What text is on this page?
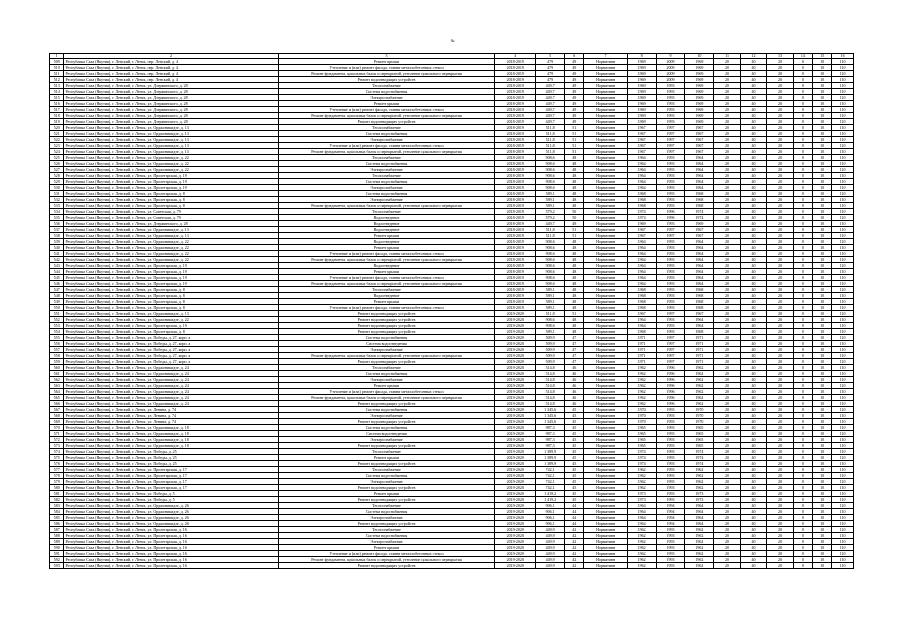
№
1	2	3	4	5	6	7	8	9	10	11	12	13	14	15	16
509	Республика Саха (Якутия), г. Ленский, г. Ленск, пер. Ленский, д. 4	Ремонт крыши	2018-2019	479	49	Нормативн	1969	2009	1969	20	40	20	0	10	110
510	Республика Саха (Якутия), г. Ленский, г. Ленск, пер. Ленский, д. 4	Утепление и (или) ремонт фасада, ставни металлобетонных стекол	2018-2019	479	49	Нормативн	1969	2009	1969	20	40	20	0	10	110
511	Республика Саха (Якутия), г. Ленский, г. Ленск, пер. Ленский, д. 4	Ремонт фундамента, цокольных балок и перекрытий, утепление цокольного перекрытия	2018-2019	479	49	Нормативн	1969	2009	1969	20	40	20	0	10	110
512	Республика Саха (Якутия), г. Ленский, г. Ленск, пер. Ленский, д. 4	Ремонт водоотводящих устройств	2018-2019	479	49	Нормативн	1969	2009	1969	20	40	20	0	10	110
513	Республика Саха (Якутия), г. Ленский, г. Ленск, ул. Дзержинского, д. 28	Теплоснабжение	2018-2019	449,7	49	Нормативн	1969	1993	1969	20	40	20	0	10	110
514	Республика Саха (Якутия), г. Ленский, г. Ленск, ул. Дзержинского, д. 28	Система водоснабжения	2018-2019	449,7	49	Нормативн	1969	1993	1969	20	40	20	0	10	110
515	Республика Саха (Якутия), г. Ленский, г. Ленск, ул. Дзержинского, д. 28	Электроснабжение	2018-2019	449,7	49	Нормативн	1969	1993	1969	20	40	20	0	10	110
516	Республика Саха (Якутия), г. Ленский, г. Ленск, ул. Дзержинского, д. 28	Ремонт крыши	2018-2019	449,7	49	Нормативн	1969	1993	1969	20	40	20	0	10	110
517	Республика Саха (Якутия), г. Ленский, г. Ленск, ул. Дзержинского, д. 28	Утепление и (или) ремонт фасада, ставни металлобетонных стекол	2018-2019	449,7	49	Нормативн	1969	1993	1969	20	40	20	0	10	110
518	Республика Саха (Якутия), г. Ленский, г. Ленск, ул. Дзержинского, д. 28	Ремонт фундамента, цокольных балок и перекрытий, утепление цокольного перекрытия	2018-2019	449,7	49	Нормативн	1969	1993	1969	20	40	20	0	10	110
519	Республика Саха (Якутия), г. Ленский, г. Ленск, ул. Дзержинского, д. 28	Ремонт водоотводящих устройств	2018-2019	449,7	49	Нормативн	1969	1993	1969	20	40	20	0	10	110
520	Республика Саха (Якутия), г. Ленский, г. Ленск, ул. Орджоникидзе, д. 13	Теплоснабжение	2018-2019	511,8	51	Нормативн	1967	1997	1967	20	40	20	0	10	110
521	Республика Саха (Якутия), г. Ленский, г. Ленск, ул. Орджоникидзе, д. 13	Система водоснабжения	2018-2019	511,8	51	Нормативн	1967	1997	1967	20	40	20	0	10	110
522	Республика Саха (Якутия), г. Ленский, г. Ленск, ул. Орджоникидзе, д. 13	Электроснабжение	2018-2019	511,8	51	Нормативн	1967	1997	1967	20	40	20	0	10	110
523	Республика Саха (Якутия), г. Ленский, г. Ленск, ул. Орджоникидзе, д. 13	Утепление и (или) ремонт фасада, ставни металлобетонных стекол	2018-2019	511,8	51	Нормативн	1967	1997	1967	20	40	20	0	10	110
524	Республика Саха (Якутия), г. Ленский, г. Ленск, ул. Орджоникидзе, д. 13	Ремонт фундамента, цокольных балок и перекрытий, утепление цокольного перекрытия	2018-2019	511,8	51	Нормативн	1967	1997	1967	20	40	20	0	10	110
525	Республика Саха (Якутия), г. Ленский, г. Ленск, ул. Орджоникидзе, д. 22	Теплоснабжение	2018-2019	908,6	48	Нормативн	1964	1993	1964	20	40	20	0	10	110
526	Республика Саха (Якутия), г. Ленский, г. Ленск, ул. Орджоникидзе, д. 22	Система водоснабжения	2018-2019	908,6	48	Нормативн	1964	1993	1964	20	40	20	0	10	110
527	Республика Саха (Якутия), г. Ленский, г. Ленск, ул. Орджоникидзе, д. 22	Электроснабжение	2018-2019	908,6	48	Нормативн	1964	1993	1964	20	40	20	0	10	110
528	Республика Саха (Якутия), г. Ленский, г. Ленск, ул. Пролетарская, д. 19	Теплоснабжение	2018-2019	908,6	48	Нормативн	1964	1993	1964	20	40	20	0	10	110
529	Республика Саха (Якутия), г. Ленский, г. Ленск, ул. Пролетарская, д. 19	Система водоснабжения	2018-2019	908,6	48	Нормативн	1964	1993	1964	20	40	20	0	10	110
530	Республика Саха (Якутия), г. Ленский, г. Ленск, ул. Пролетарская, д. 19	Электроснабжение	2018-2019	908,6	48	Нормативн	1964	1993	1964	20	40	20	0	10	110
531	Республика Саха (Якутия), г. Ленский, г. Ленск, ул. Пролетарская, д. 8	Система водоснабжения	2018-2019	589,1	48	Нормативн	1968	1993	1968	20	40	20	0	10	110
532	Республика Саха (Якутия), г. Ленский, г. Ленск, ул. Пролетарская, д. 8	Электроснабжение	2018-2019	589,1	48	Нормативн	1968	1993	1968	20	40	20	0	10	110
533	Республика Саха (Якутия), г. Ленский, г. Ленск, ул. Пролетарская, д. 8	Ремонт фундамента, цокольных балок и перекрытий, утепление цокольного перекрытия	2018-2019	589,1	48	Нормативн	1968	1993	1968	20	40	20	0	10	110
534	Республика Саха (Якутия), г. Ленский, г. Ленск, ул. Советская, д. 79	Теплоснабжение	2018-2019	579,2	50	Нормативн	1974	1996	1974	20	40	20	0	10	110
535	Республика Саха (Якутия), г. Ленский, г. Ленск, ул. Советская, д. 79	Водоотведение	2018-2019	579,2	50	Нормативн	1974	1996	1974	20	40	20	0	10	110
536	Республика Саха (Якутия), г. Ленский, г. Ленск, ул. Дзержинского, д. 28	Водоотведение	2018-2019	449,7	49	Нормативн	1969	1993	1969	20	40	20	0	10	110
537	Республика Саха (Якутия), г. Ленский, г. Ленск, ул. Орджоникидзе, д. 13	Водоотведение	2018-2019	511,8	51	Нормативн	1967	1997	1967	20	40	20	0	10	110
538	Республика Саха (Якутия), г. Ленский, г. Ленск, ул. Орджоникидзе, д. 13	Ремонт крыши	2018-2019	511,8	51	Нормативн	1967	1997	1967	20	40	20	0	10	110
539	Республика Саха (Якутия), г. Ленский, г. Ленск, ул. Орджоникидзе, д. 22	Водоотведение	2018-2019	908,6	48	Нормативн	1964	1993	1964	20	40	20	0	10	110
540	Республика Саха (Якутия), г. Ленский, г. Ленск, ул. Орджоникидзе, д. 22	Ремонт крыши	2018-2019	908,6	48	Нормативн	1964	1993	1964	20	40	20	0	10	110
541	Республика Саха (Якутия), г. Ленский, г. Ленск, ул. Орджоникидзе, д. 22	Утепление и (или) ремонт фасада, ставни металлобетонных стекол	2018-2019	908,6	48	Нормативн	1964	1993	1964	20	40	20	0	10	110
542	Республика Саха (Якутия), г. Ленский, г. Ленск, ул. Орджоникидзе, д. 22	Ремонт фундамента, цокольных балок и перекрытий, утепление цокольного перекрытия	2018-2019	908,6	48	Нормативн	1964	1993	1964	20	40	20	0	10	110
543	Республика Саха (Якутия), г. Ленский, г. Ленск, ул. Пролетарская, д. 19	Водоотведение	2018-2019	908,6	48	Нормативн	1964	1993	1964	20	40	20	0	10	110
544	Республика Саха (Якутия), г. Ленский, г. Ленск, ул. Пролетарская, д. 19	Ремонт крыши	2018-2019	908,6	48	Нормативн	1964	1993	1964	20	40	20	0	10	110
545	Республика Саха (Якутия), г. Ленский, г. Ленск, ул. Пролетарская, д. 19	Утепление и (или) ремонт фасада, ставни металлобетонных стекол	2018-2019	908,6	48	Нормативн	1964	1993	1964	20	40	20	0	10	110
546	Республика Саха (Якутия), г. Ленский, г. Ленск, ул. Пролетарская, д. 19	Ремонт фундамента, цокольных балок и перекрытий, утепление цокольного перекрытия	2018-2019	908,6	48	Нормативн	1964	1993	1964	20	40	20	0	10	110
547	Республика Саха (Якутия), г. Ленский, г. Ленск, ул. Пролетарская, д. 8	Теплоснабжение	2018-2019	589,1	48	Нормативн	1968	1993	1968	20	40	20	0	10	110
548	Республика Саха (Якутия), г. Ленский, г. Ленск, ул. Пролетарская, д. 8	Водоотведение	2018-2019	589,1	48	Нормативн	1968	1993	1968	20	40	20	0	10	110
549	Республика Саха (Якутия), г. Ленский, г. Ленск, ул. Пролетарская, д. 8	Ремонт крыши	2018-2019	589,1	48	Нормативн	1968	1993	1968	20	40	20	0	10	110
550	Республика Саха (Якутия), г. Ленский, г. Ленск, ул. Пролетарская, д. 8	Утепление и (или) ремонт фасада, ставни металлобетонных стекол	2018-2019	589,1	48	Нормативн	1968	1993	1968	20	40	20	0	10	110
551	Республика Саха (Якутия), г. Ленский, г. Ленск, ул. Орджоникидзе, д. 13	Ремонт водоотводящих устройств	2019-2020	511,8	51	Нормативн	1967	1997	1967	20	40	20	0	10	110
552	Республика Саха (Якутия), г. Ленский, г. Ленск, ул. Орджоникидзе, д. 22	Ремонт водоотводящих устройств	2019-2020	908,6	48	Нормативн	1964	1993	1964	20	40	20	0	10	110
553	Республика Саха (Якутия), г. Ленский, г. Ленск, ул. Пролетарская, д. 19	Ремонт водоотводящих устройств	2019-2020	908,6	48	Нормативн	1964	1993	1964	20	40	20	0	10	110
554	Республика Саха (Якутия), г. Ленский, г. Ленск, ул. Пролетарская, д. 8	Ремонт водоотводящих устройств	2019-2020	589,1	48	Нормативн	1968	1993	1968	20	40	20	0	10	110
555	Республика Саха (Якутия), г. Ленский, г. Ленск, ул. Победы, д. 27, корп. а	Система водоснабжения	2019-2020	509,9	47	Нормативн	1971	1997	1971	20	40	20	0	10	110
556	Республика Саха (Якутия), г. Ленский, г. Ленск, ул. Победы, д. 27, корп. а	Система водоотведения	2019-2020	509,9	47	Нормативн	1971	1997	1971	20	40	20	0	10	110
557	Республика Саха (Якутия), г. Ленский, г. Ленск, ул. Победы, д. 27, корп. а	Электроснабжение	2019-2020	509,9	47	Нормативн	1971	1997	1971	20	40	20	0	10	110
558	Республика Саха (Якутия), г. Ленский, г. Ленск, ул. Победы, д. 27, корп. а	Ремонт фундамента, цокольных балок и перекрытий, утепление цокольного перекрытия	2019-2020	509,9	47	Нормативн	1971	1997	1971	20	40	20	0	10	110
559	Республика Саха (Якутия), г. Ленский, г. Ленск, ул. Победы, д. 27, корп. а	Ремонт водоотводящих устройств	2019-2020	509,9	47	Нормативн	1971	1997	1971	20	40	20	0	10	110
560	Республика Саха (Якутия), г. Ленский, г. Ленск, ул. Орджоникидзе, д. 24	Теплоснабжение	2019-2020	514,8	46	Нормативн	1962	1996	1962	20	40	20	0	10	110
561	Республика Саха (Якутия), г. Ленский, г. Ленск, ул. Орджоникидзе, д. 24	Система водоснабжения	2019-2020	514,8	46	Нормативн	1962	1996	1962	20	40	20	0	10	110
562	Республика Саха (Якутия), г. Ленский, г. Ленск, ул. Орджоникидзе, д. 24	Электроснабжение	2019-2020	514,8	46	Нормативн	1962	1996	1962	20	40	20	0	10	110
563	Республика Саха (Якутия), г. Ленский, г. Ленск, ул. Орджоникидзе, д. 24	Ремонт крыши	2019-2020	514,8	46	Нормативн	1962	1996	1962	20	40	20	0	10	110
564	Республика Саха (Якутия), г. Ленский, г. Ленск, ул. Орджоникидзе, д. 24	Утепление и (или) ремонт фасада, ставни металлобетонных стекол	2019-2020	514,8	46	Нормативн	1962	1996	1962	20	40	20	0	10	110
565	Республика Саха (Якутия), г. Ленский, г. Ленск, ул. Орджоникидзе, д. 24	Ремонт фундамента, цокольных балок и перекрытий, утепление цокольного перекрытия	2019-2020	514,8	46	Нормативн	1962	1996	1962	20	40	20	0	10	110
566	Республика Саха (Якутия), г. Ленский, г. Ленск, ул. Орджоникидзе, д. 24	Ремонт водоотводящих устройств	2019-2020	514,8	46	Нормативн	1962	1996	1962	20	40	20	0	10	110
567	Республика Саха (Якутия), г. Ленский, г. Ленск, ул. Ленина, д. 74	Система водоснабжения	2019-2020	1 345,6	45	Нормативн	1970	1993	1970	20	40	20	0	10	110
568	Республика Саха (Якутия), г. Ленский, г. Ленск, ул. Ленина, д. 74	Электроснабжение	2019-2020	1 345,6	45	Нормативн	1970	1993	1970	20	40	20	0	10	110
569	Республика Саха (Якутия), г. Ленский, г. Ленск, ул. Ленина, д. 74	Ремонт водоотводящих устройств	2019-2020	1 345,6	45	Нормативн	1970	1993	1970	20	40	20	0	10	110
570	Республика Саха (Якутия), г. Ленский, г. Ленск, ул. Орджоникидзе, д. 18	Система водоснабжения	2019-2020	987,3	45	Нормативн	1965	1993	1965	20	40	20	0	10	110
571	Республика Саха (Якутия), г. Ленский, г. Ленск, ул. Орджоникидзе, д. 18	Система водоотведения	2019-2020	987,3	45	Нормативн	1965	1993	1965	20	40	20	0	10	110
572	Республика Саха (Якутия), г. Ленский, г. Ленск, ул. Орджоникидзе, д. 18	Электроснабжение	2019-2020	987,3	45	Нормативн	1965	1993	1965	20	40	20	0	10	110
573	Республика Саха (Якутия), г. Ленский, г. Ленск, ул. Орджоникидзе, д. 18	Ремонт водоотводящих устройств	2019-2020	987,3	45	Нормативн	1965	1993	1965	20	40	20	0	10	110
574	Республика Саха (Якутия), г. Ленский, г. Ленск, ул. Победы, д. 25	Теплоснабжение	2019-2020	1 389,9	45	Нормативн	1974	1993	1974	20	40	20	0	10	110
575	Республика Саха (Якутия), г. Ленский, г. Ленск, ул. Победы, д. 25	Ремонт крыши	2019-2020	1 389,9	45	Нормативн	1974	1993	1974	20	40	20	0	10	110
576	Республика Саха (Якутия), г. Ленский, г. Ленск, ул. Победы, д. 25	Ремонт водоотводящих устройств	2019-2020	1 389,9	45	Нормативн	1974	1993	1974	20	40	20	0	10	110
577	Республика Саха (Якутия), г. Ленский, г. Ленск, ул. Пролетарская, д. 17	Теплоснабжение	2019-2020	742,1	45	Нормативн	1962	1993	1962	20	40	20	0	10	110
578	Республика Саха (Якутия), г. Ленский, г. Ленск, ул. Пролетарская, д. 17	Система водоснабжения	2019-2020	742,1	45	Нормативн	1962	1993	1962	20	40	20	0	10	110
579	Республика Саха (Якутия), г. Ленский, г. Ленск, ул. Пролетарская, д. 17	Электроснабжение	2019-2020	742,1	45	Нормативн	1962	1993	1962	20	40	20	0	10	110
580	Республика Саха (Якутия), г. Ленский, г. Ленск, ул. Пролетарская, д. 17	Ремонт водоотводящих устройств	2019-2020	742,1	45	Нормативн	1962	1993	1962	20	40	20	0	10	110
581	Республика Саха (Якутия), г. Ленский, г. Ленск, ул. Победы, д. 5	Ремонт крыши	2019-2020	1 419,2	45	Нормативн	1973	1993	1973	20	40	20	0	10	110
582	Республика Саха (Якутия), г. Ленский, г. Ленск, ул. Победы, д. 5	Ремонт водоотводящих устройств	2019-2020	1 419,2	45	Нормативн	1973	1993	1973	20	40	20	0	10	110
583	Республика Саха (Якутия), г. Ленский, г. Ленск, ул. Орджоникидзе, д. 26	Теплоснабжение	2019-2020	906,1	44	Нормативн	1964	1994	1964	20	40	20	0	10	110
584	Республика Саха (Якутия), г. Ленский, г. Ленск, ул. Орджоникидзе, д. 26	Система водоснабжения	2019-2020	906,1	44	Нормативн	1964	1994	1964	20	40	20	0	10	110
585	Республика Саха (Якутия), г. Ленский, г. Ленск, ул. Орджоникидзе, д. 26	Электроснабжение	2019-2020	906,1	44	Нормативн	1964	1994	1964	20	40	20	0	10	110
586	Республика Саха (Якутия), г. Ленский, г. Ленск, ул. Орджоникидзе, д. 26	Ремонт водоотводящих устройств	2019-2020	906,1	44	Нормативн	1964	1994	1964	20	40	20	0	10	110
587	Республика Саха (Якутия), г. Ленский, г. Ленск, ул. Пролетарская, д. 16	Теплоснабжение	2019-2020	449,9	42	Нормативн	1962	1993	1962	20	40	20	0	10	110
588	Республика Саха (Якутия), г. Ленский, г. Ленск, ул. Пролетарская, д. 16	Система водоснабжения	2019-2020	449,9	42	Нормативн	1962	1993	1962	20	40	20	0	10	110
589	Республика Саха (Якутия), г. Ленский, г. Ленск, ул. Пролетарская, д. 16	Электроснабжение	2019-2020	449,9	42	Нормативн	1962	1993	1962	20	40	20	0	10	110
590	Республика Саха (Якутия), г. Ленский, г. Ленск, ул. Пролетарская, д. 16	Ремонт крыши	2019-2020	449,9	42	Нормативн	1962	1993	1962	20	40	20	0	10	110
591	Республика Саха (Якутия), г. Ленский, г. Ленск, ул. Пролетарская, д. 16	Утепление и (или) ремонт фасада, ставни металлобетонных стекол	2019-2020	449,9	42	Нормативн	1962	1993	1962	20	40	20	0	10	110
592	Республика Саха (Якутия), г. Ленский, г. Ленск, ул. Пролетарская, д. 16	Ремонт фундамента, цокольных балок и перекрытий, утепление цокольного перекрытия	2019-2020	449,9	42	Нормативн	1962	1993	1962	20	40	20	0	10	110
593	Республика Саха (Якутия), г. Ленский, г. Ленск, ул. Пролетарская, д. 16	Ремонт водоотводящих устройств	2019-2020	449,9	42	Нормативн	1962	1993	1962	20	40	20	0	10	110
